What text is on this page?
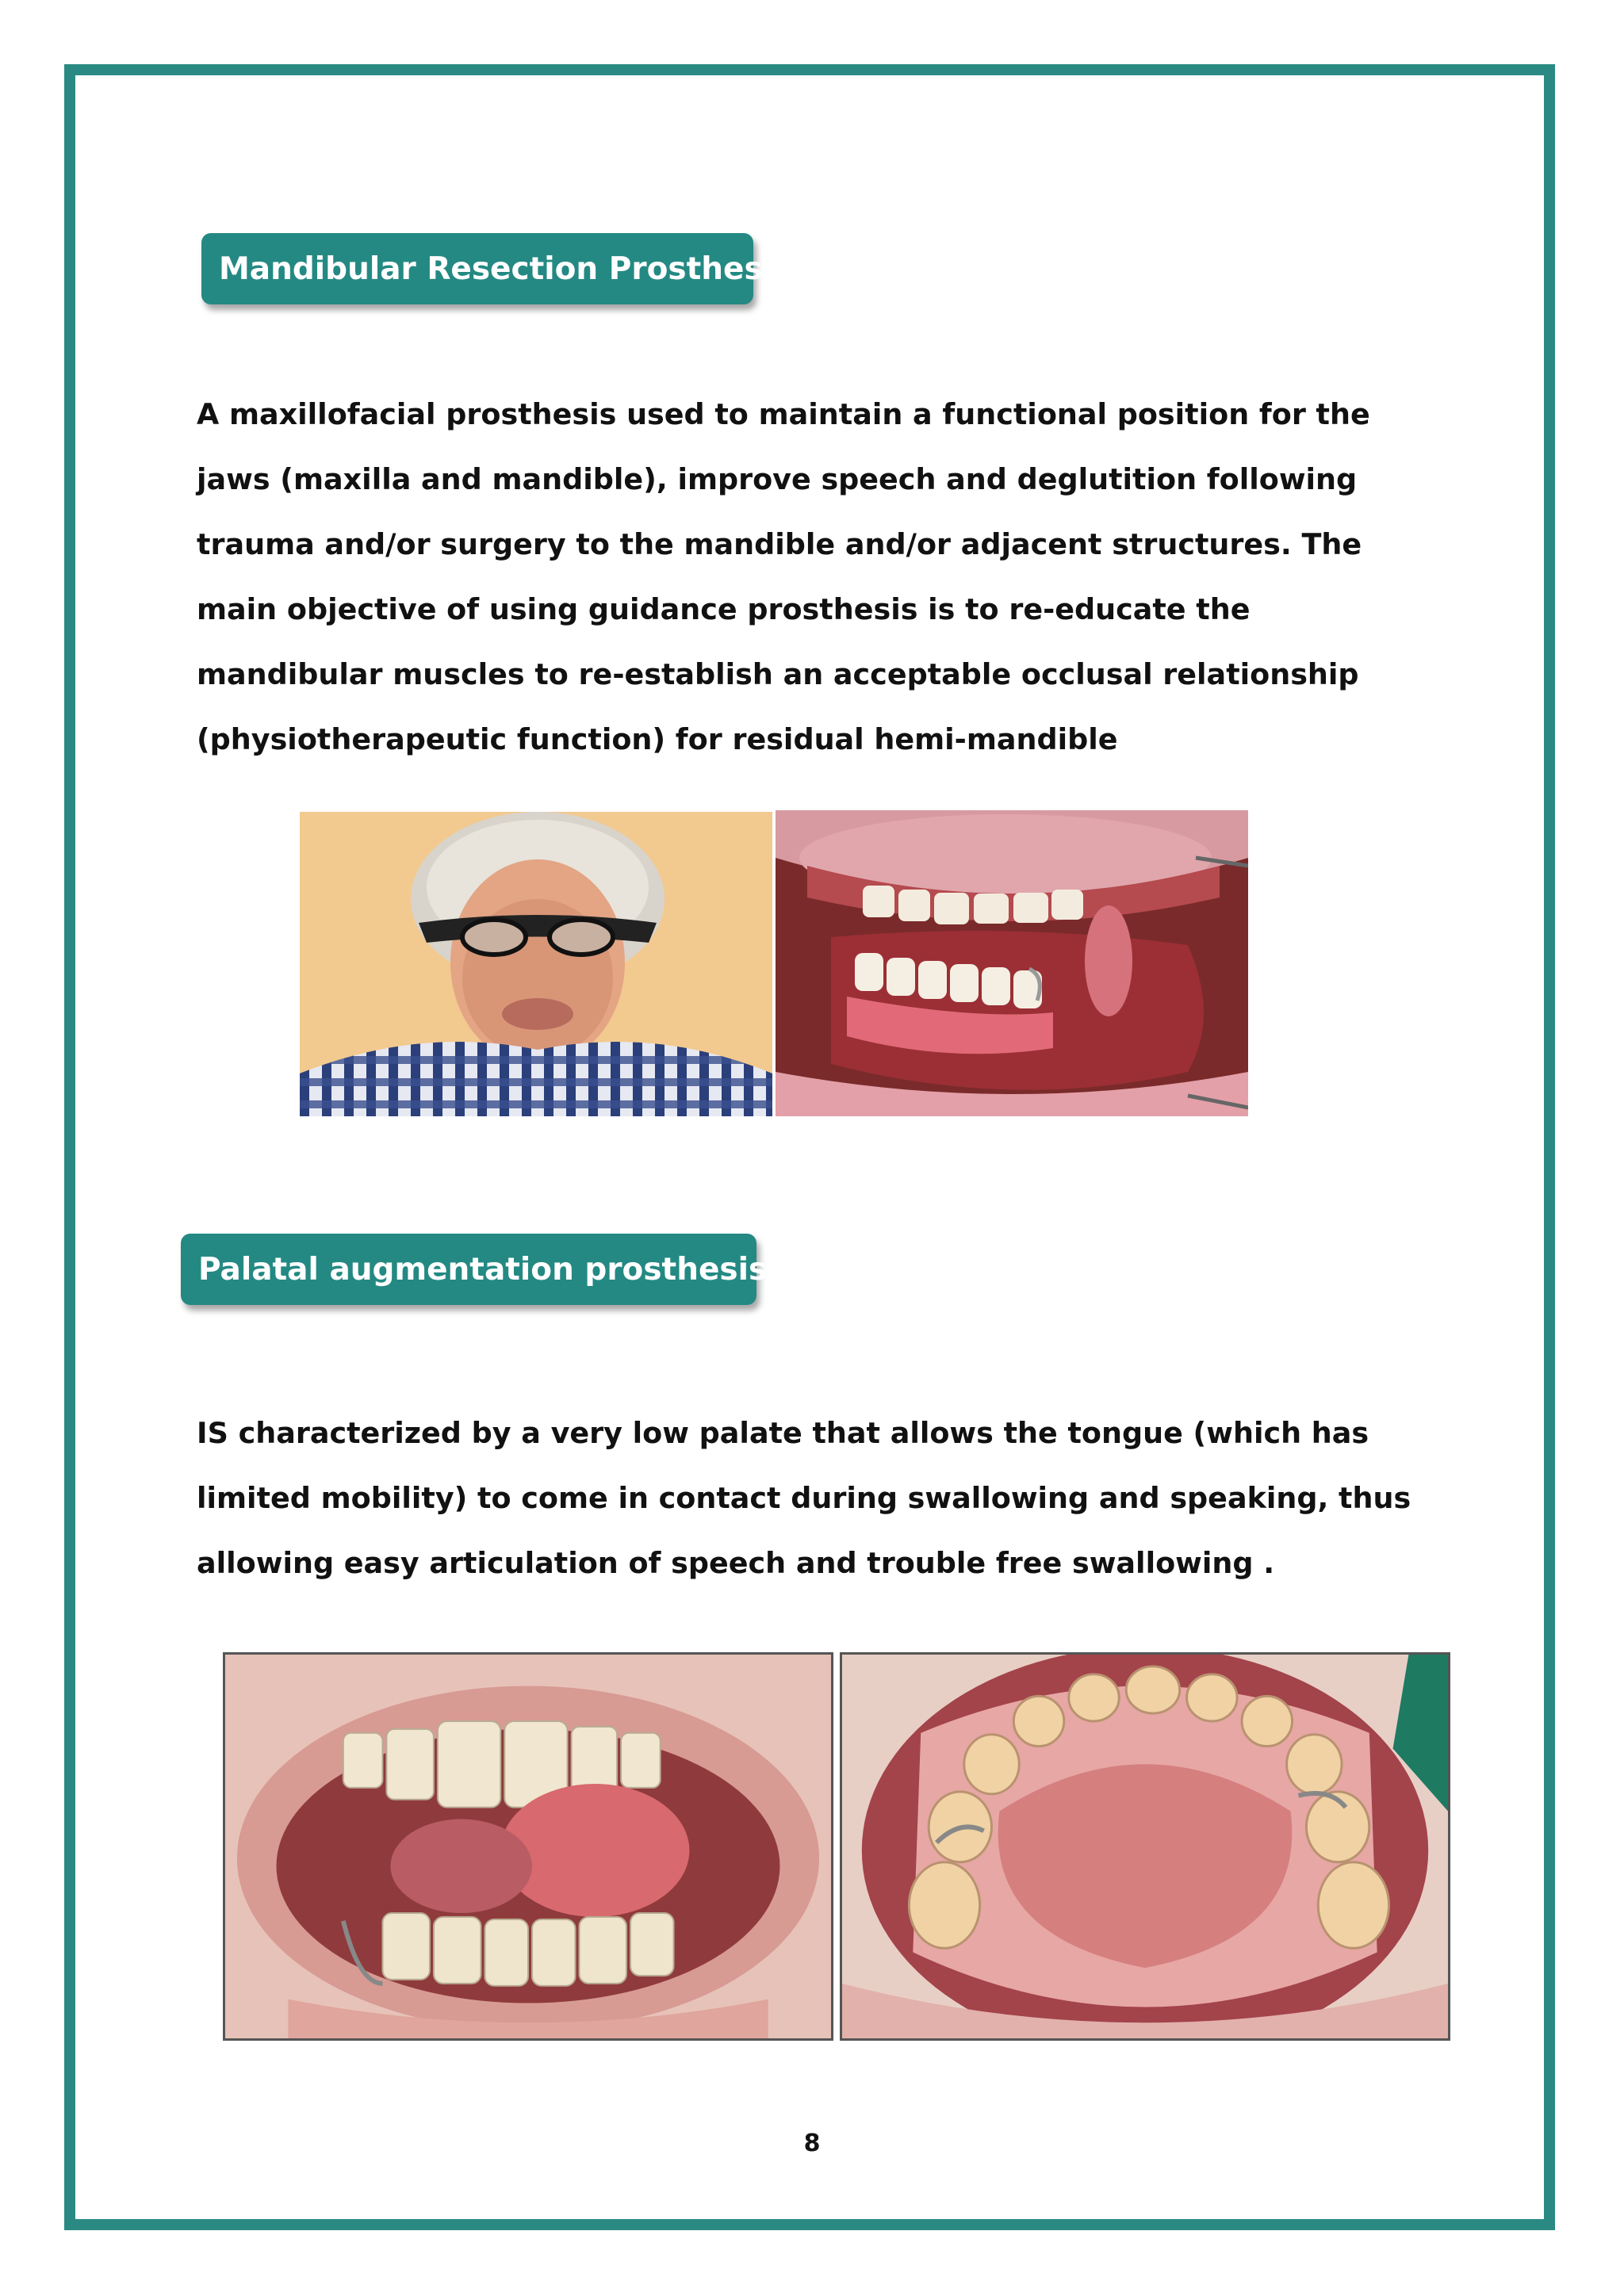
Mandibular Resection Prosthesis
A maxillofacial prosthesis used to maintain a functional position for the jaws (maxilla and mandible), improve speech and deglutition following trauma and/or surgery to the mandible and/or adjacent structures. The main objective of using guidance prosthesis is to re-educate the mandibular muscles to re-establish an acceptable occlusal relationship (physiotherapeutic function) for residual hemi-mandible
Palatal augmentation prosthesis
IS characterized by a very low palate that allows the tongue (which has limited mobility) to come in contact during swallowing and speaking, thus allowing easy articulation of speech and trouble free swallowing .
8
